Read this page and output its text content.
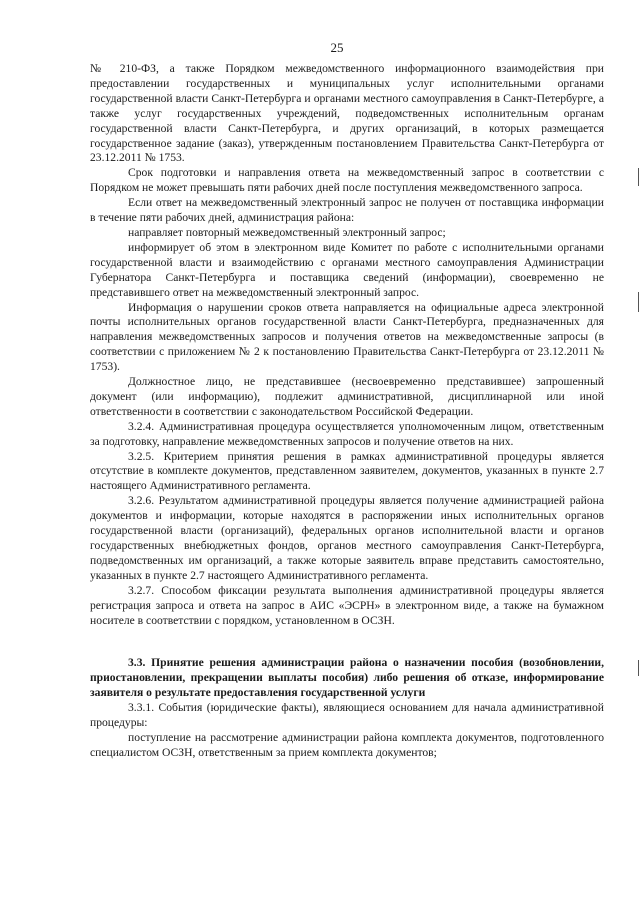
25

№ 210-ФЗ, а также Порядком межведомственного информационного взаимодействия при предоставлении государственных и муниципальных услуг исполнительными органами государственной власти Санкт-Петербурга и органами местного самоуправления в Санкт-Петербурге, а также услуг государственных учреждений, подведомственных исполнительным органам государственной власти Санкт-Петербурга, и других организаций, в которых размещается государственное задание (заказ), утвержденным постановлением Правительства Санкт-Петербурга от 23.12.2011 № 1753.

Срок подготовки и направления ответа на межведомственный запрос в соответствии с Порядком не может превышать пяти рабочих дней после поступления межведомственного запроса.

Если ответ на межведомственный электронный запрос не получен от поставщика информации в течение пяти рабочих дней, администрация района:

направляет повторный межведомственный электронный запрос;

информирует об этом в электронном виде Комитет по работе с исполнительными органами государственной власти и взаимодействию с органами местного самоуправления Администрации Губернатора Санкт-Петербурга и поставщика сведений (информации), своевременно не представившего ответ на межведомственный электронный запрос.

Информация о нарушении сроков ответа направляется на официальные адреса электронной почты исполнительных органов государственной власти Санкт-Петербурга, предназначенных для направления межведомственных запросов и получения ответов на межведомственные запросы (в соответствии с приложением № 2 к постановлению Правительства Санкт-Петербурга от 23.12.2011 № 1753).

Должностное лицо, не представившее (несвоевременно представившее) запрошенный документ (или информацию), подлежит административной, дисциплинарной или иной ответственности в соответствии с законодательством Российской Федерации.

3.2.4. Административная процедура осуществляется уполномоченным лицом, ответственным за подготовку, направление межведомственных запросов и получение ответов на них.

3.2.5. Критерием принятия решения в рамках административной процедуры является отсутствие в комплекте документов, представленном заявителем, документов, указанных в пункте 2.7 настоящего Административного регламента.

3.2.6. Результатом административной процедуры является получение администрацией района документов и информации, которые находятся в распоряжении иных исполнительных органов государственной власти (организаций), федеральных органов исполнительной власти и органов государственных внебюджетных фондов, органов местного самоуправления Санкт-Петербурга, подведомственных им организаций, а также которые заявитель вправе представить самостоятельно, указанных в пункте 2.7 настоящего Административного регламента.

3.2.7. Способом фиксации результата выполнения административной процедуры является регистрация запроса и ответа на запрос в АИС «ЭСРН» в электронном виде, а также на бумажном носителе в соответствии с порядком, установленном в ОСЗН.

3.3. Принятие решения администрации района о назначении пособия (возобновлении, приостановлении, прекращении выплаты пособия) либо решения об отказе, информирование заявителя о результате предоставления государственной услуги

3.3.1. События (юридические факты), являющиеся основанием для начала административной процедуры:

поступление на рассмотрение администрации района комплекта документов, подготовленного специалистом ОСЗН, ответственным за прием комплекта документов;
